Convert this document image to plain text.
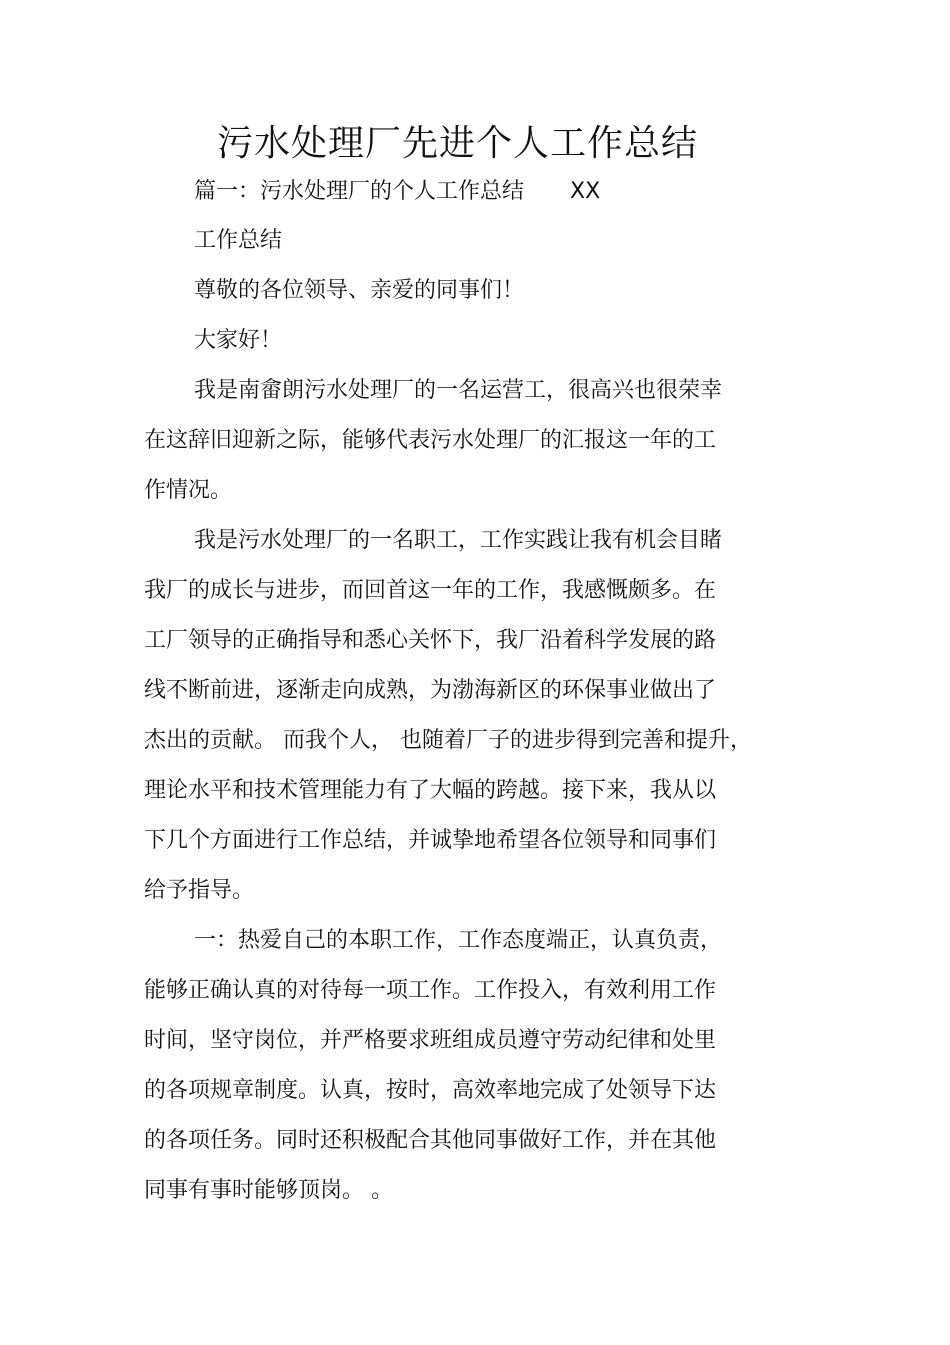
污水处理厂先进个人工作总结

篇一：污水处理厂的个人工作总结 XX

工作总结

尊敬的各位领导、亲爱的同事们！

大家好！

我是南畲朗污水处理厂的一名运营工，很高兴也很荣幸

在这辞旧迎新之际，能够代表污水处理厂的汇报这一年的工

作情况。

我是污水处理厂的一名职工，工作实践让我有机会目睹

我厂的成长与进步，而回首这一年的工作，我感慨颇多。在

工厂领导的正确指导和悉心关怀下，我厂沿着科学发展的路

线不断前进，逐渐走向成熟，为渤海新区的环保事业做出了

杰出的贡献。 而我个人， 也随着厂子的进步得到完善和提升，

理论水平和技术管理能力有了大幅的跨越。接下来，我从以

下几个方面进行工作总结，并诚挚地希望各位领导和同事们

给予指导。

一：热爱自己的本职工作，工作态度端正，认真负责，

能够正确认真的对待每一项工作。工作投入，有效利用工作

时间，坚守岗位，并严格要求班组成员遵守劳动纪律和处里

的各项规章制度。认真，按时，高效率地完成了处领导下达

的各项任务。同时还积极配合其他同事做好工作，并在其他

同事有事时能够顶岗。 。
